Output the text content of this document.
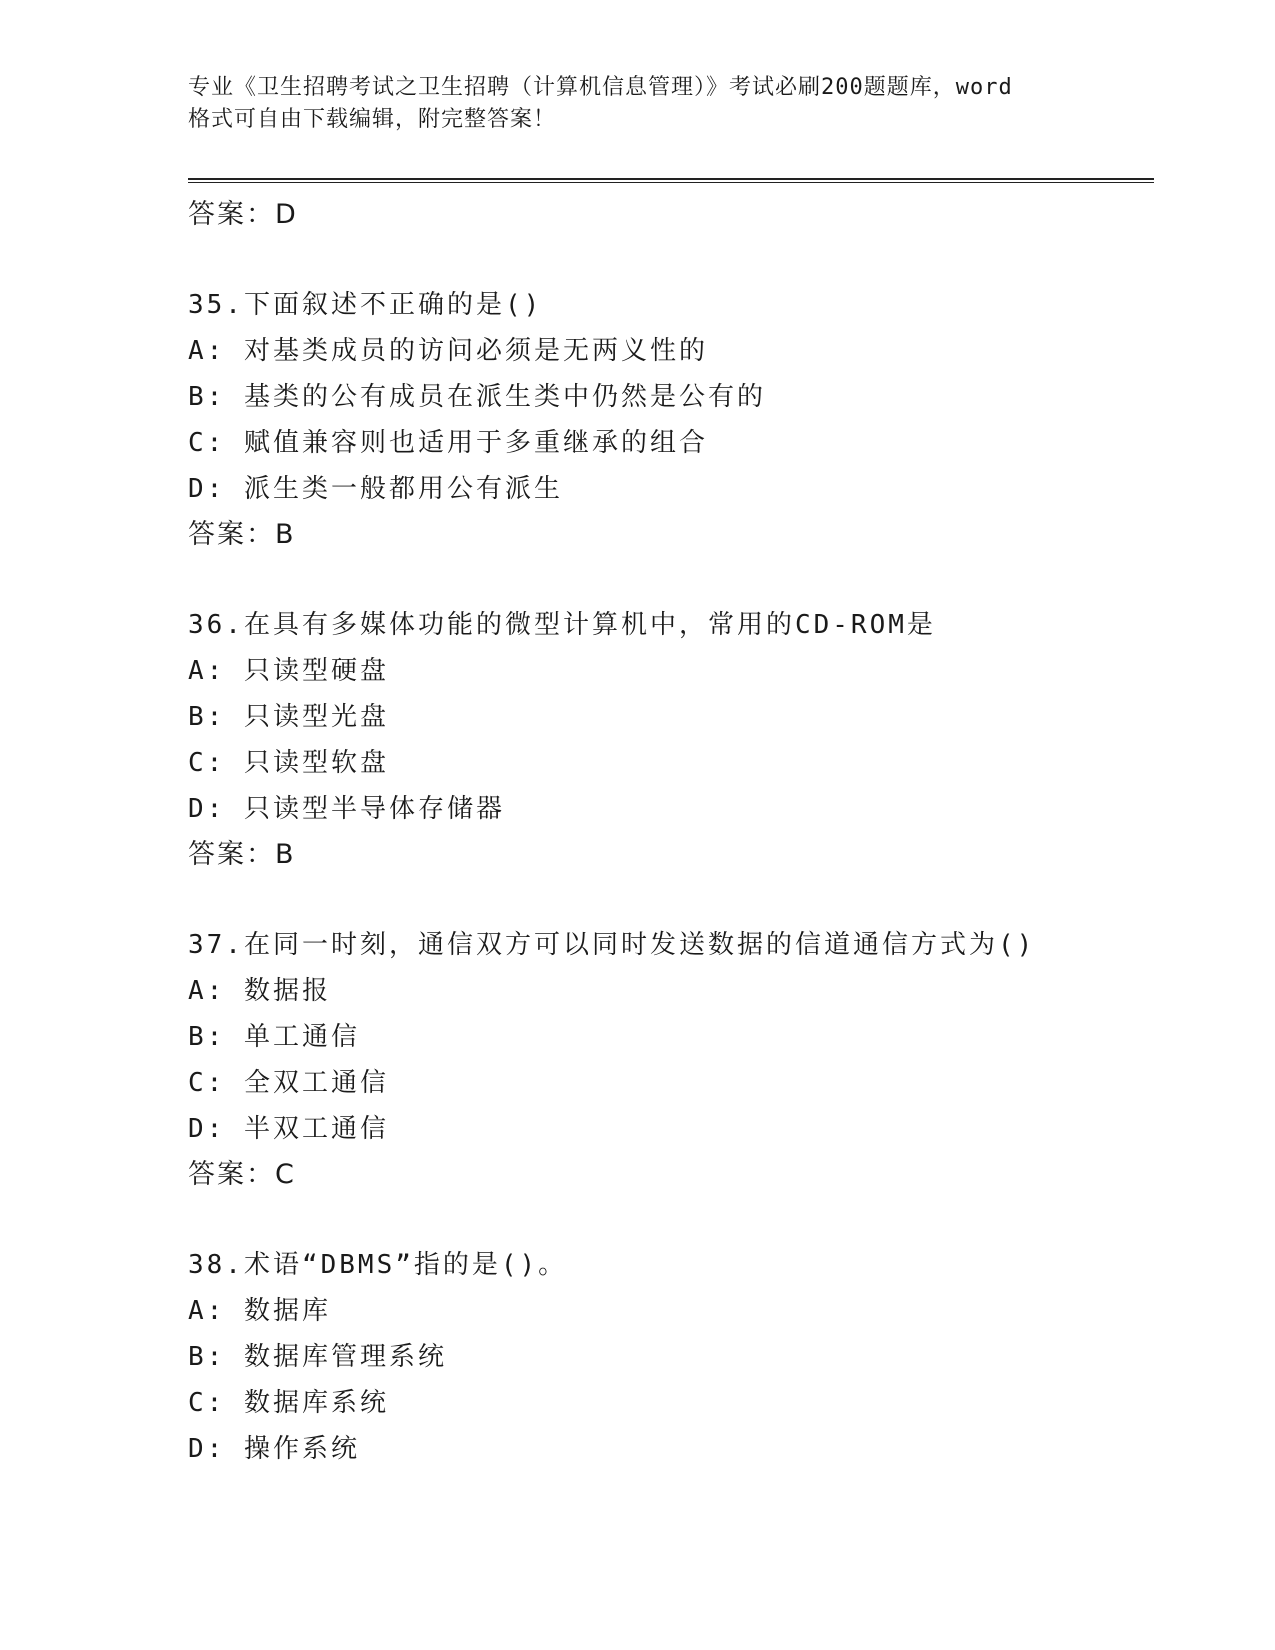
专业《卫生招聘考试之卫生招聘（计算机信息管理）》考试必刷200题题库，word
格式可自由下载编辑，附完整答案！
答案：D
35.下面叙述不正确的是()
A: 对基类成员的访问必须是无两义性的
B: 基类的公有成员在派生类中仍然是公有的
C: 赋值兼容则也适用于多重继承的组合
D: 派生类一般都用公有派生
答案：B
36.在具有多媒体功能的微型计算机中，常用的CD-ROM是
A: 只读型硬盘
B: 只读型光盘
C: 只读型软盘
D: 只读型半导体存储器
答案：B
37.在同一时刻，通信双方可以同时发送数据的信道通信方式为()
A: 数据报
B: 单工通信
C: 全双工通信
D: 半双工通信
答案：C
38.术语“DBMS”指的是()。
A: 数据库
B: 数据库管理系统
C: 数据库系统
D: 操作系统
